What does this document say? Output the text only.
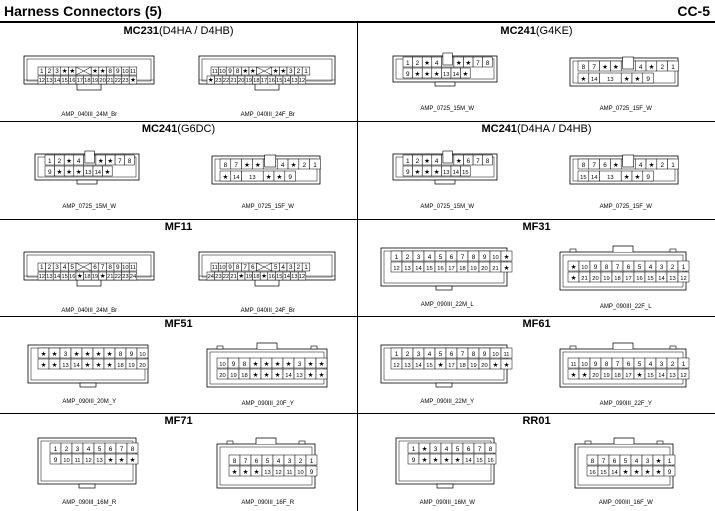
Harness Connectors (5)	CC-5
MC231(D4HA / D4HB)
1 2 3 ★ ★	★ ★ 8 9 10 11
12 13 14 15 16 17 18 19 20 21 22 23 ★
AMP_040III_24M_Br
11 10 9 8 ★ ★	★ ★ 3 2 1
★ 23 22 21 20 19 18 17 16 15 14 13 12
AMP_040III_24F_Br
MC241(G4KE)
1 2 ★ 4	★ ★ 7 8
9 ★ ★ ★ 13 14 ★
AMP_0725_15M_W
8 7 ★ ★	4 ★ 2 1
★ 14 13 ★ ★ 9
AMP_0725_15F_W
MC241(G6DC)
1 2 ★ 4	★ ★ 7 8
9 ★ ★ ★ 13 14 ★
AMP_0725_15M_W
8 7 ★ ★	4 ★ 2 1
★ 14 13 ★ ★ 9
AMP_0725_15F_W
MC241(D4HA / D4HB)
1 2 ★ 4	★ 6 7 8
9 ★ ★ ★ 13 14 15
AMP_0725_15M_W
8 7 6 ★	4 ★ 2 1
15 14 13 ★ ★ 9
AMP_0725_15F_W
MF11
1 2 3 4 5	6 7 8 9 10 11
12 13 14 15 16 ★ 18 19 ★ 21 22 23 24
AMP_040III_24M_Br
11 10 9 8 7 6	5 4 3 2 1
24 23 22 21 ★ 19 18 ★ 16 15 14 13 12
AMP_040III_24F_Br
MF31
1 2 3 4 5 6 7 8 9 10 ★
12 13 14 15 16 17 18 19 20 21 ★
AMP_090III_22M_L
★ 10 9 8 7 6 5 4 3 2 1
★ 21 20 19 18 17 16 15 14 13 12
AMP_090III_22F_L
MF51
★ ★ 3 ★ ★ ★ ★ 8 9 10
★ ★ 13 14 ★ ★ ★ 18 19 20
AMP_090III_20M_Y
10 9 8 ★ ★ ★ ★ 3 ★ ★
20 19 18 ★ ★ ★ 14 13 ★ ★
AMP_090III_20F_Y
MF61
1 2 3 4 5 6 7 8 9 10 11
12 13 14 15 ★ 17 18 19 20 ★ ★
AMP_090III_22M_Y
11 10 9 8 7 6 5 4 3 2 1
★ ★ 20 19 18 17 ★ 15 14 13 12
AMP_090III_22F_Y
MF71
1 2 3 4 5 6 7 8
9 10 11 12 13 ★ ★ ★
AMP_090III_16M_R
8 7 6 5 4 3 2 1
★ ★ ★ 13 12 11 10 9
AMP_090III_16F_R
RR01
1 ★ 3 4 5 6 7 8
9 ★ ★ ★ ★ 14 15 16
AMP_090III_16M_W
8 7 6 5 4 3 ★ 1
16 15 14 ★ ★ ★ ★ 9
AMP_090III_16F_W
